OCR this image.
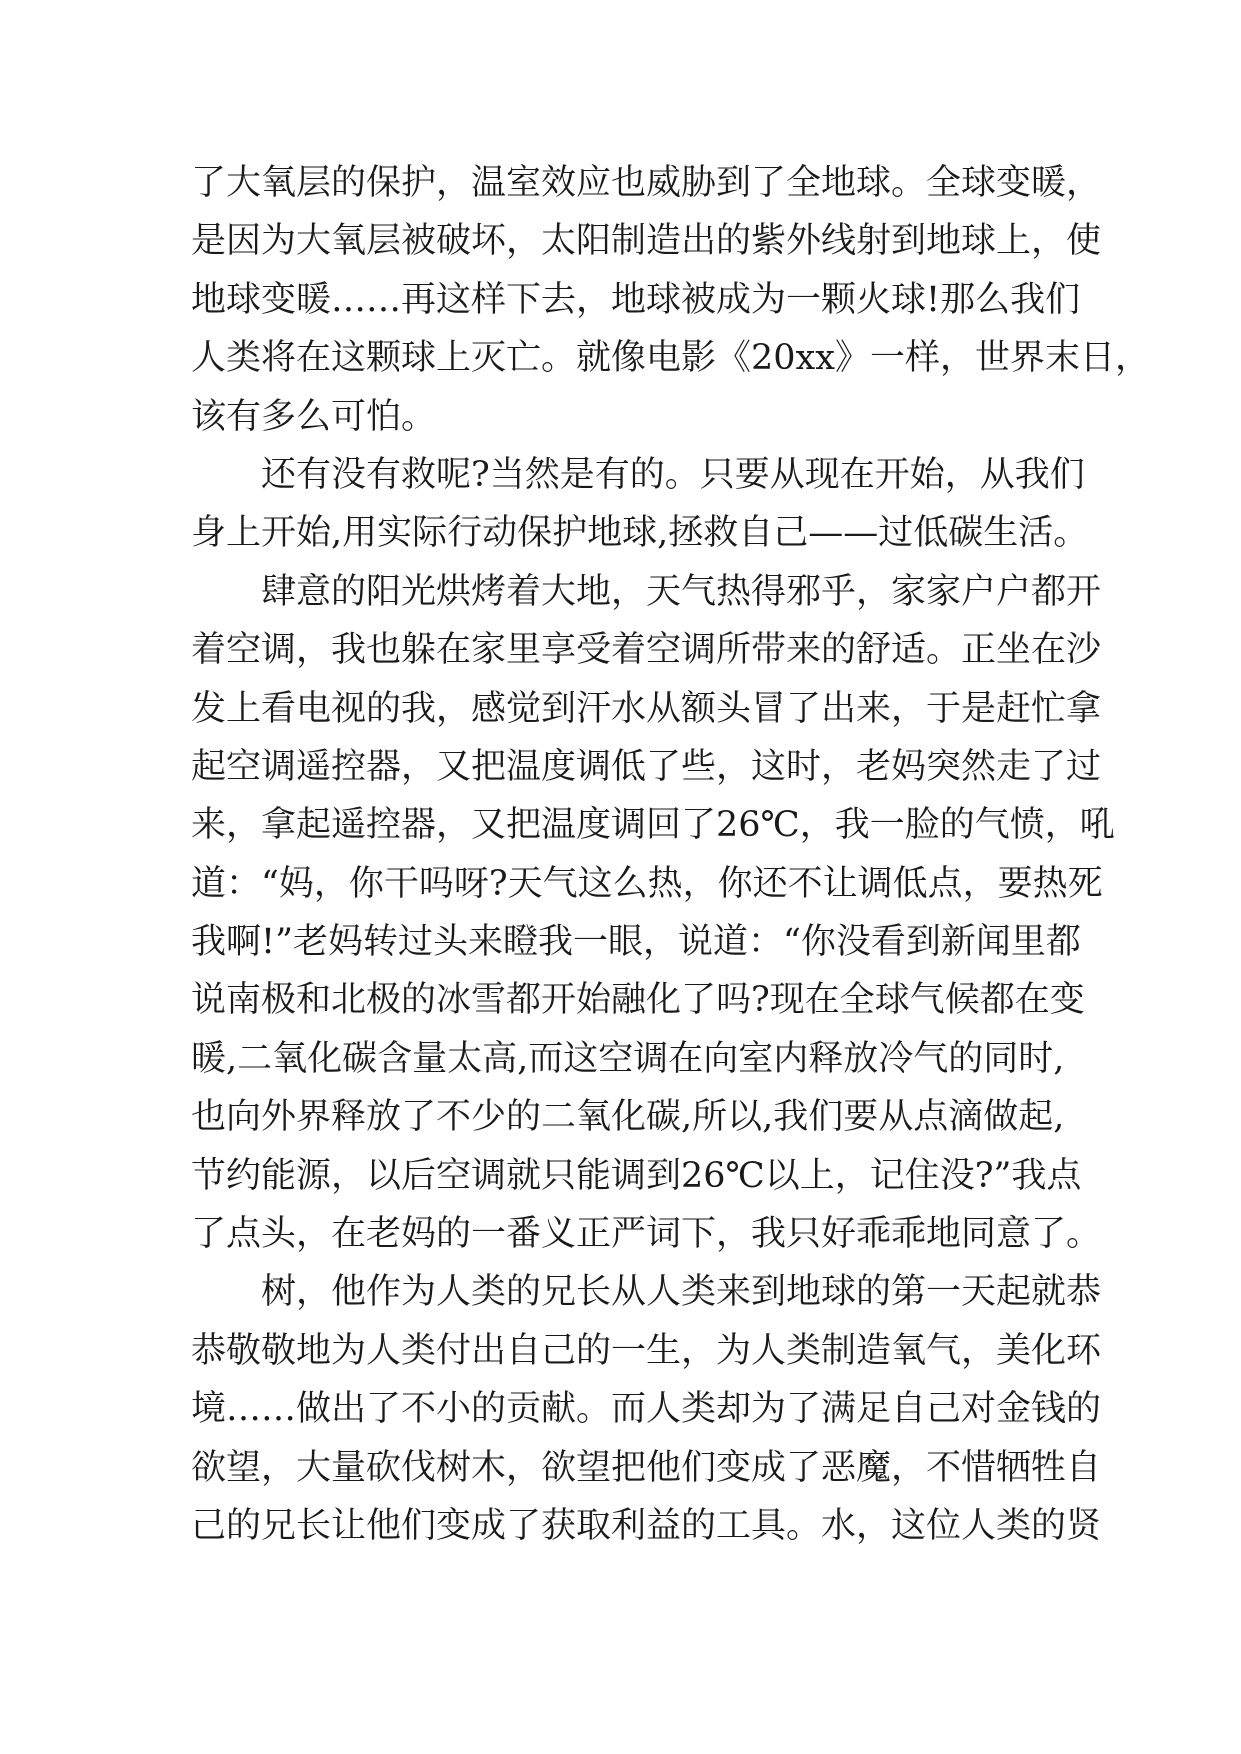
了大氧层的保护，温室效应也威胁到了全地球。全球变暖，
是因为大氧层被破坏，太阳制造出的紫外线射到地球上，使
地球变暖……再这样下去，地球被成为一颗火球!那么我们
人类将在这颗球上灭亡。就像电影《20xx》一样，世界末日，
该有多么可怕。
还有没有救呢?当然是有的。只要从现在开始，从我们
身上开始,用实际行动保护地球,拯救自己——过低碳生活。
肆意的阳光烘烤着大地，天气热得邪乎，家家户户都开
着空调，我也躲在家里享受着空调所带来的舒适。正坐在沙
发上看电视的我，感觉到汗水从额头冒了出来，于是赶忙拿
起空调遥控器，又把温度调低了些，这时，老妈突然走了过
来，拿起遥控器，又把温度调回了26℃，我一脸的气愤，吼
道：“妈，你干吗呀?天气这么热，你还不让调低点，要热死
我啊!”老妈转过头来瞪我一眼，说道：“你没看到新闻里都
说南极和北极的冰雪都开始融化了吗?现在全球气候都在变
暖,二氧化碳含量太高,而这空调在向室内释放冷气的同时,
也向外界释放了不少的二氧化碳,所以,我们要从点滴做起,
节约能源，以后空调就只能调到26℃以上，记住没?”我点
了点头，在老妈的一番义正严词下，我只好乖乖地同意了。
树，他作为人类的兄长从人类来到地球的第一天起就恭
恭敬敬地为人类付出自己的一生，为人类制造氧气，美化环
境……做出了不小的贡献。而人类却为了满足自己对金钱的
欲望，大量砍伐树木，欲望把他们变成了恶魔，不惜牺牲自
己的兄长让他们变成了获取利益的工具。水，这位人类的贤
